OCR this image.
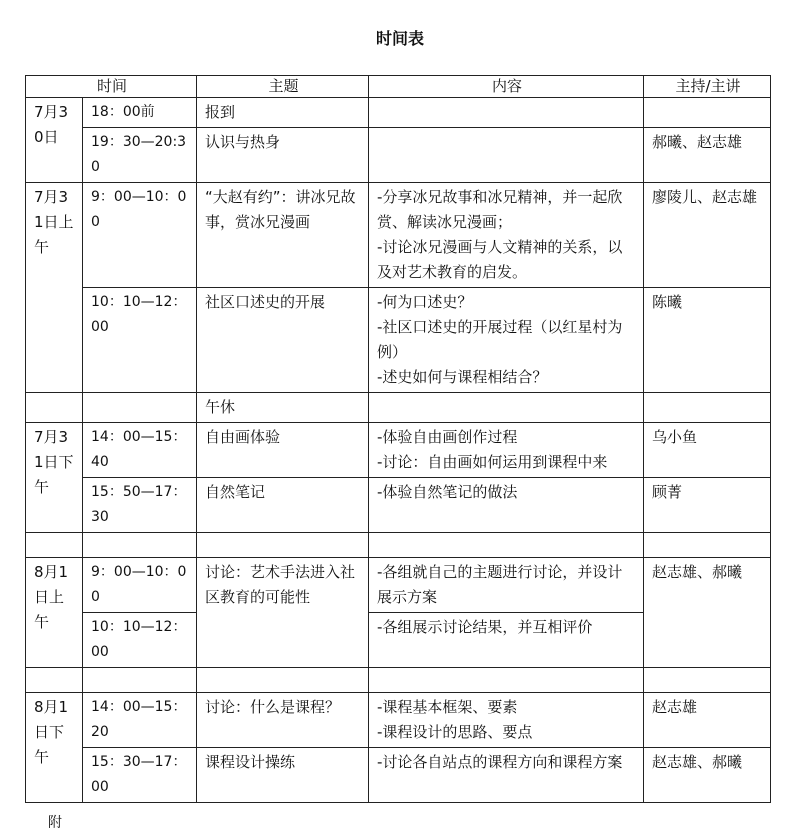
时间表
时间		主题	内容	主持/主讲
7月30日	18：00前	报到		
	19：30—20:30	认识与热身		郝曦、赵志雄
7月31日上午	9：00—10：00	“大赵有约”：讲冰兄故事，赏冰兄漫画	-分享冰兄故事和冰兄精神，并一起欣赏、解读冰兄漫画；
-讨论冰兄漫画与人文精神的关系，以及对艺术教育的启发。	廖陵儿、赵志雄
	10：10—12：00	社区口述史的开展	-何为口述史？
-社区口述史的开展过程（以红星村为例）
-述史如何与课程相结合？	陈曦
		午休		
7月31日下午	14：00—15：40	自由画体验	-体验自由画创作过程
-讨论：自由画如何运用到课程中来	乌小鱼
	15：50—17：30	自然笔记	-体验自然笔记的做法	顾菁

8月1日上午	9：00—10：00	讨论：艺术手法进入社区教育的可能性	-各组就自己的主题进行讨论，并设计展示方案	赵志雄、郝曦
	10：10—12：00		-各组展示讨论结果，并互相评价	

8月1日下午	14：00—15：20	讨论：什么是课程？	-课程基本框架、要素
-课程设计的思路、要点	赵志雄
	15：30—17：00	课程设计操练	-讨论各自站点的课程方向和课程方案	赵志雄、郝曦
附
